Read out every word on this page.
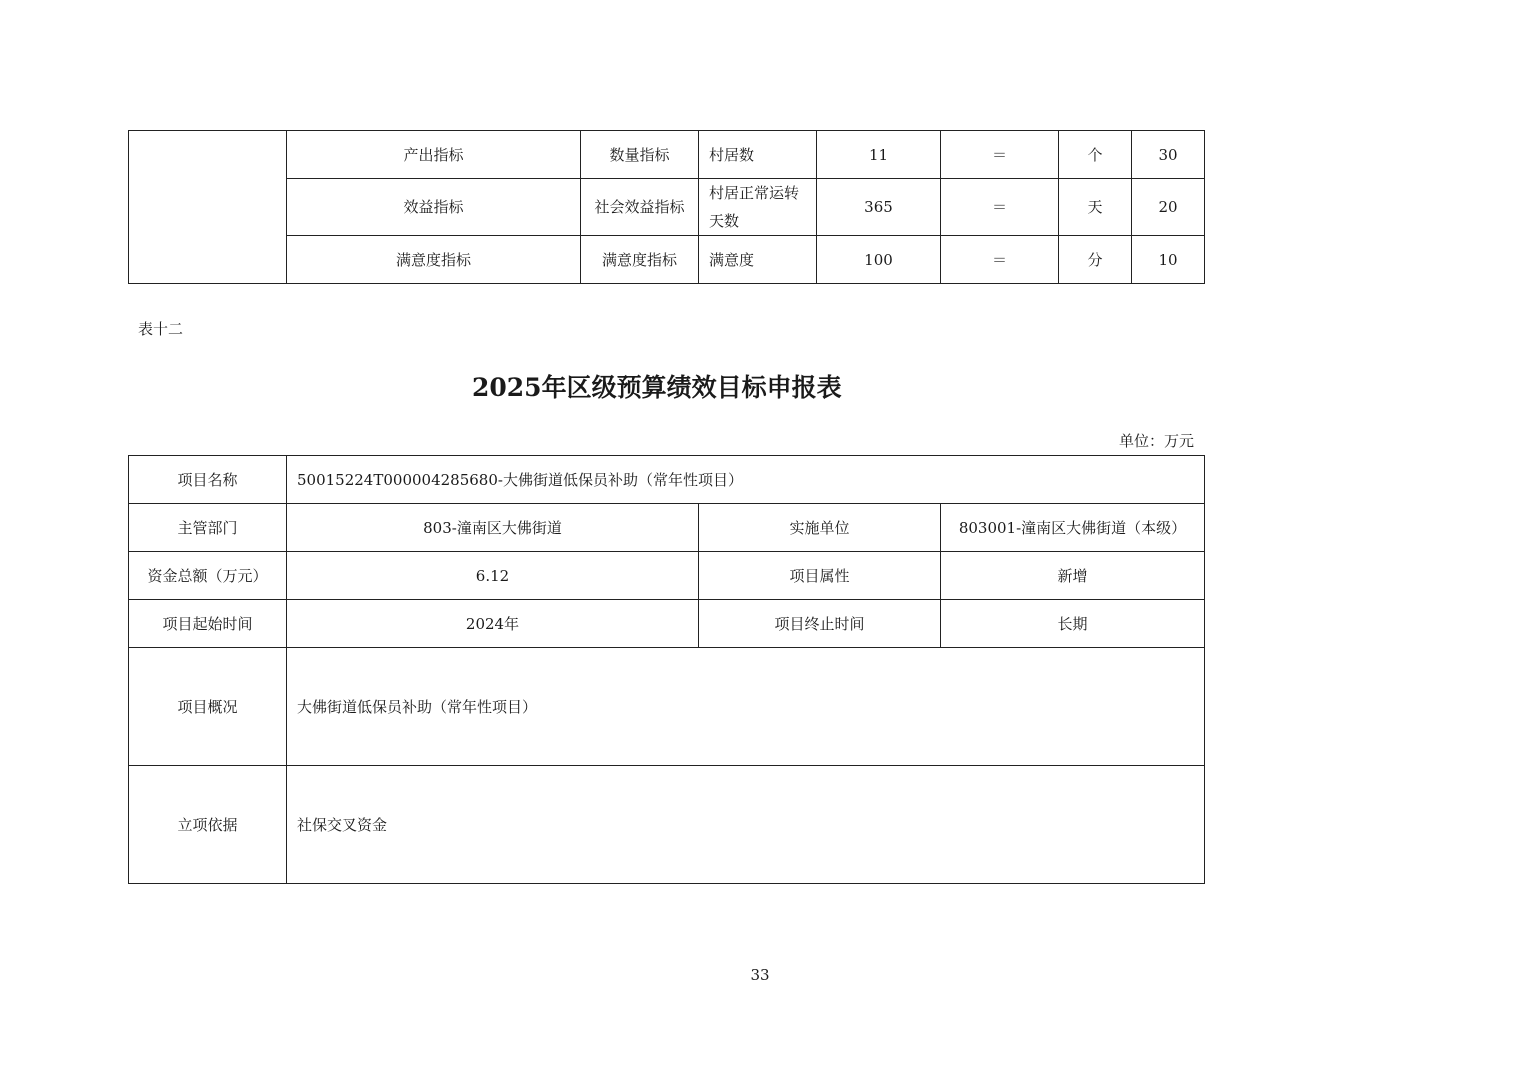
	产出指标	数量指标	村居数	11	＝	个	30
	效益指标	社会效益指标	村居正常运转天数	365	＝	天	20
	满意度指标	满意度指标	满意度	100	＝	分	10
表十二
2025年区级预算绩效目标申报表
单位：万元
项目名称	50015224T000004285680-大佛街道低保员补助（常年性项目）		
主管部门	803-潼南区大佛街道	实施单位	803001-潼南区大佛街道（本级）
资金总额（万元）	6.12	项目属性	新增
项目起始时间	2024年	项目终止时间	长期
项目概况	大佛街道低保员补助（常年性项目）		
立项依据	社保交叉资金		
33
